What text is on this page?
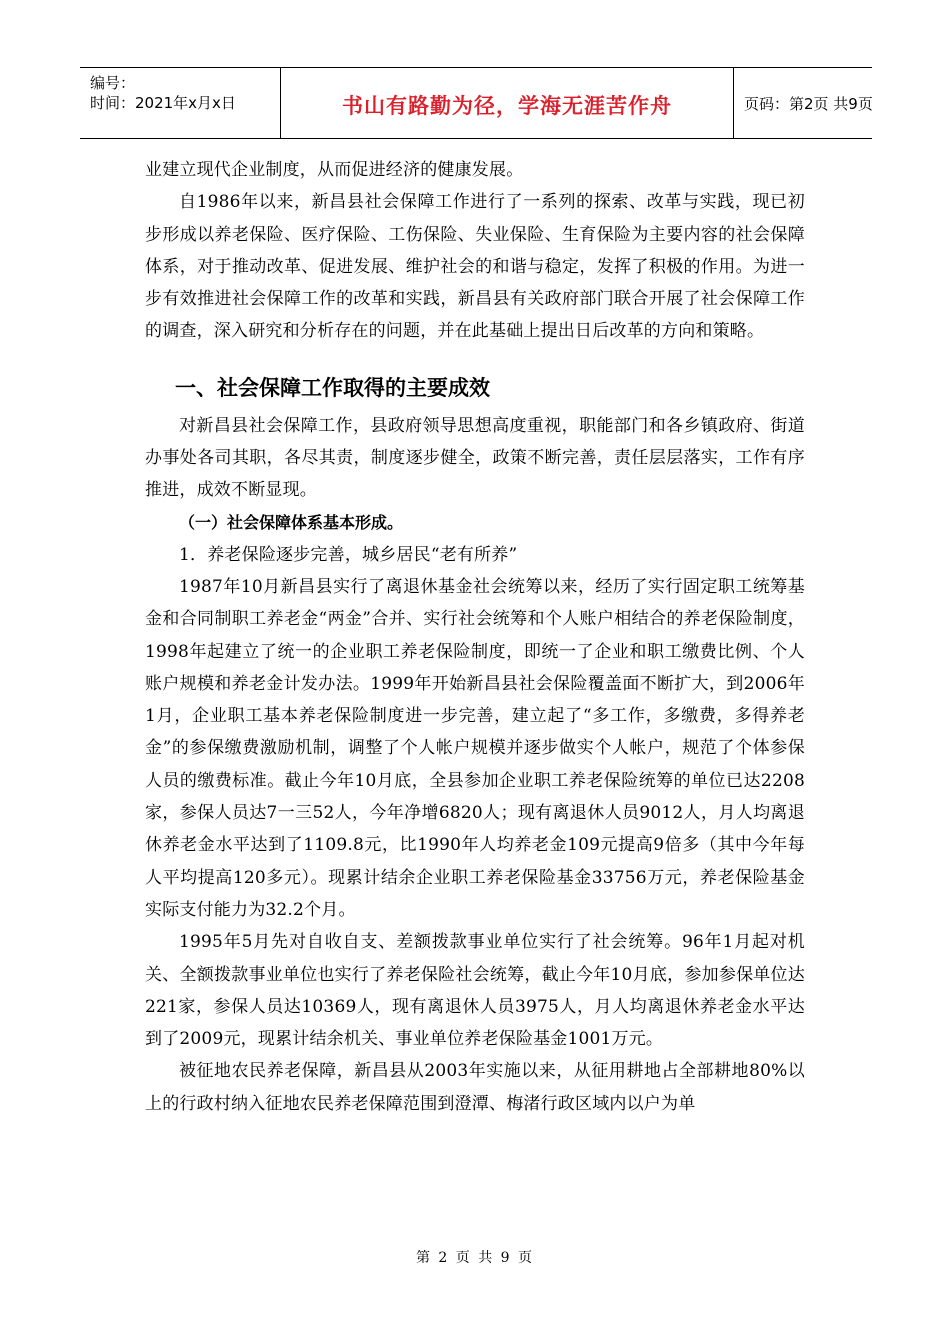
编号：
时间：2021年x月x日	书山有路勤为径，学海无涯苦作舟	页码：第2页 共9页

业建立现代企业制度，从而促进经济的健康发展。

自1986年以来，新昌县社会保障工作进行了一系列的探索、改革与实践，现已初步形成以养老保险、医疗保险、工伤保险、失业保险、生育保险为主要内容的社会保障体系，对于推动改革、促进发展、维护社会的和谐与稳定，发挥了积极的作用。为进一步有效推进社会保障工作的改革和实践，新昌县有关政府部门联合开展了社会保障工作的调查，深入研究和分析存在的问题，并在此基础上提出日后改革的方向和策略。

一、社会保障工作取得的主要成效

对新昌县社会保障工作，县政府领导思想高度重视，职能部门和各乡镇政府、街道办事处各司其职，各尽其责，制度逐步健全，政策不断完善，责任层层落实，工作有序推进，成效不断显现。

（一）社会保障体系基本形成。

1．养老保险逐步完善，城乡居民“老有所养”

1987年10月新昌县实行了离退休基金社会统筹以来，经历了实行固定职工统筹基金和合同制职工养老金“两金”合并、实行社会统筹和个人账户相结合的养老保险制度，1998年起建立了统一的企业职工养老保险制度，即统一了企业和职工缴费比例、个人账户规模和养老金计发办法。1999年开始新昌县社会保险覆盖面不断扩大，到2006年1月，企业职工基本养老保险制度进一步完善，建立起了“多工作，多缴费，多得养老金”的参保缴费激励机制，调整了个人帐户规模并逐步做实个人帐户，规范了个体参保人员的缴费标准。截止今年10月底，全县参加企业职工养老保险统筹的单位已达2208家，参保人员达7一三52人，今年净增6820人；现有离退休人员9012人，月人均离退休养老金水平达到了1109.8元，比1990年人均养老金109元提高9倍多（其中今年每人平均提高120多元）。现累计结余企业职工养老保险基金33756万元，养老保险基金实际支付能力为32.2个月。

1995年5月先对自收自支、差额拨款事业单位实行了社会统筹。96年1月起对机关、全额拨款事业单位也实行了养老保险社会统筹，截止今年10月底，参加参保单位达221家，参保人员达10369人，现有离退休人员3975人，月人均离退休养老金水平达到了2009元，现累计结余机关、事业单位养老保险基金1001万元。

被征地农民养老保障，新昌县从2003年实施以来，从征用耕地占全部耕地80%以上的行政村纳入征地农民养老保障范围到澄潭、梅渚行政区域内以户为单

第 2 页 共 9 页
